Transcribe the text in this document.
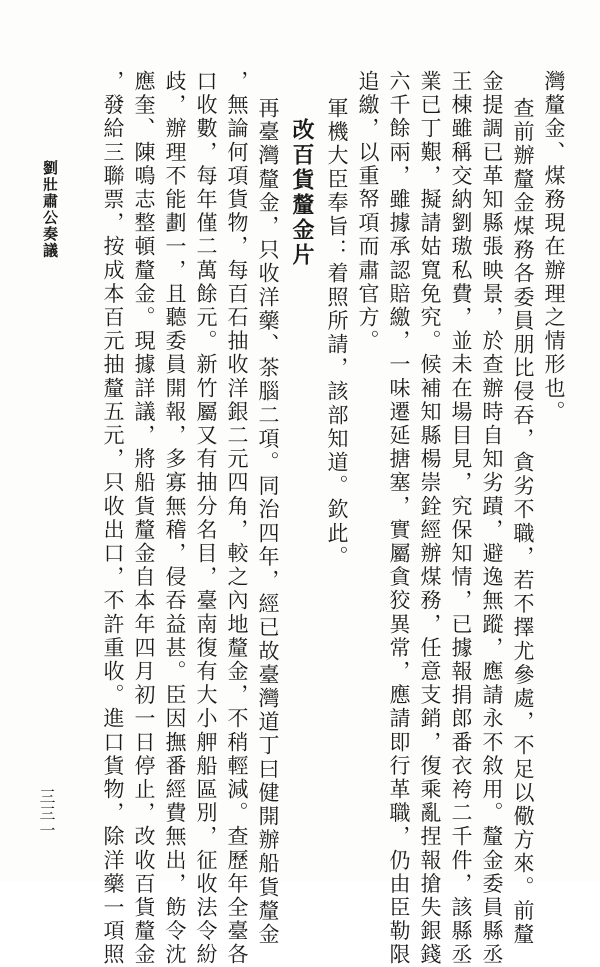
灣釐金、煤務現在辦理之情形也。
查前辦釐金煤務各委員朋比侵吞，貪劣不職，若不擇尤參處，不足以儆方來。前釐
金提調已革知縣張映景，於查辦時自知劣蹟，避逸無蹤，應請永不敘用。釐金委員縣丞
王棟雖稱交納劉璈私費，並未在場目見，究保知情，已據報捐郎番衣袴二千件，該縣丞
業已丁艱，擬請姑寬免究。候補知縣楊崇銓經辦煤務，任意支銷，復乘亂捏報搶失銀錢
六千餘兩，雖據承認賠繳，一味遷延搪塞，實屬貪狡異常，應請即行革職，仍由臣勒限
追繳，以重帑項而肅官方。
軍機大臣奉旨：着照所請，該部知道。欽此。
改百貨釐金片
再臺灣釐金，只收洋藥、茶腦二項。同治四年，經已故臺灣道丁曰健開辦船貨釐金
，無論何項貨物，每百石抽收洋銀二元四角，較之內地釐金，不稍輕減。查歷年全臺各
口收數，每年僅二萬餘元。新竹屬又有抽分名目，臺南復有大小舺船區別，征收法令紛
歧，辦理不能劃一，且聽委員開報，多寡無稽，侵吞益甚。臣因撫番經費無出，飭令沈
應奎、陳鳴志整頓釐金。現據詳議，將船貨釐金自本年四月初一日停止，改收百貨釐金
，發給三聯票，按成本百元抽釐五元，只收出口，不許重收。進口貨物，除洋藥一項照
劉壯肅公奏議
三三一
